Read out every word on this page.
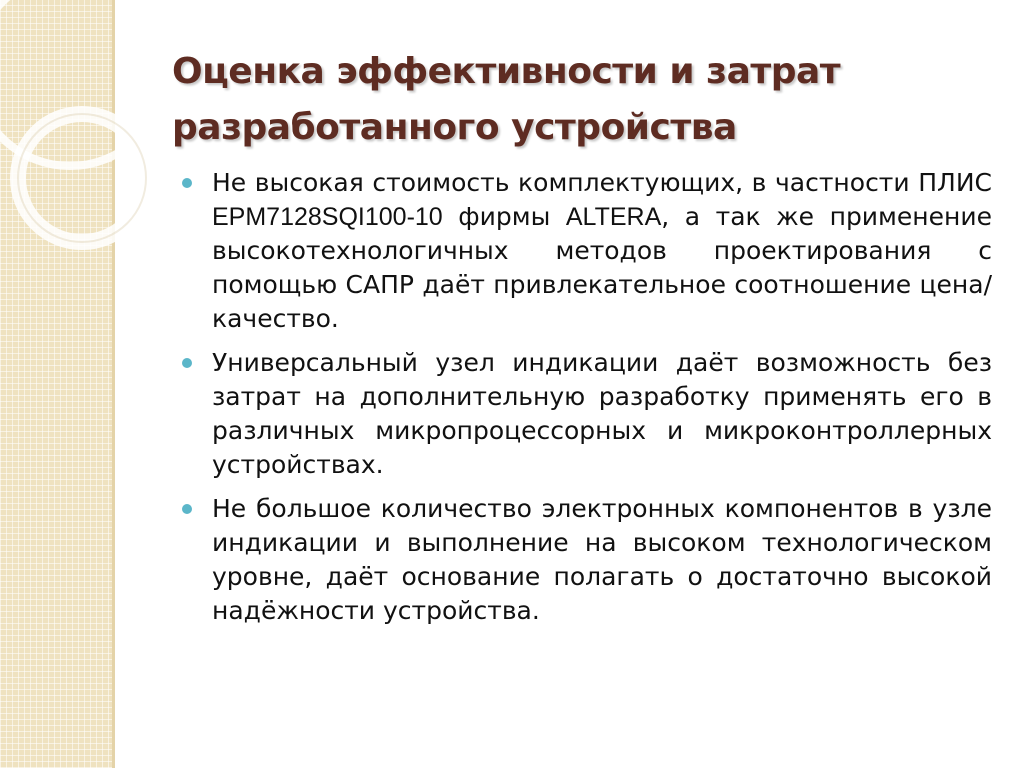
Оценка эффективности и затрат разработанного устройства
Не высокая стоимость комплектующих, в частности ПЛИС EPM7128SQI100-10 фирмы ALTERA, а так же применение высокотехнологичных методов проектирования с помощью САПР даёт привлекательное соотношение цена/качество.
Универсальный узел индикации даёт возможность без затрат на дополнительную разработку применять его в различных микропроцессорных и микроконтроллерных устройствах.
Не большое количество электронных компонентов в узле индикации и выполнение на высоком технологическом уровне, даёт основание полагать о достаточно высокой надёжности устройства.
